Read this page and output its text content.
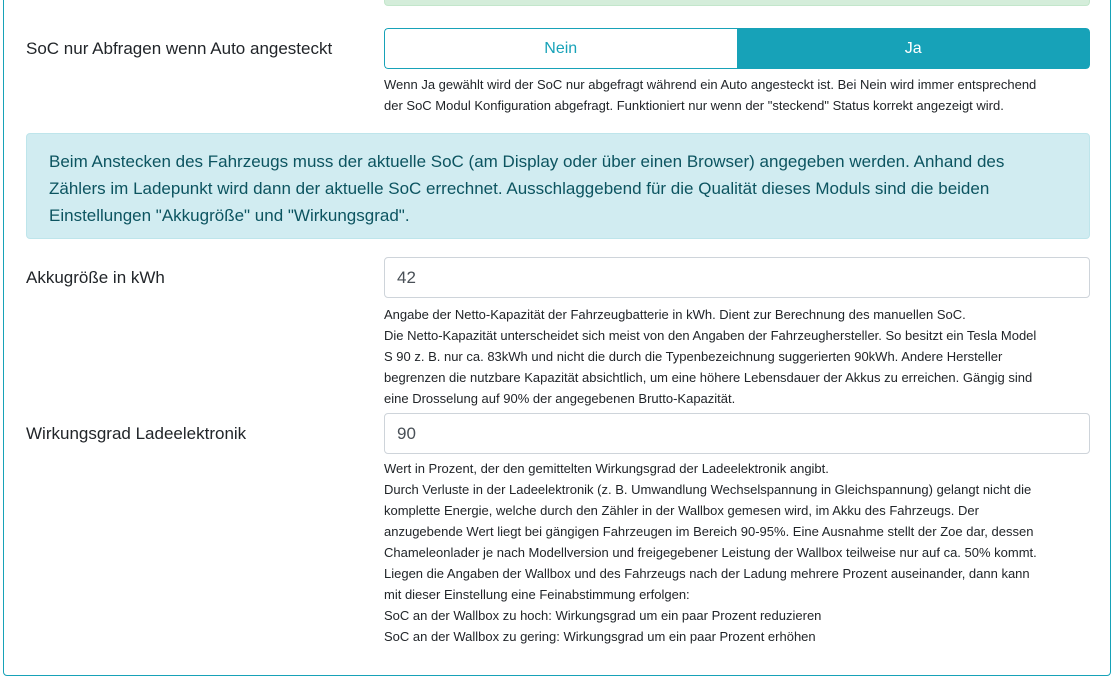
SoC nur Abfragen wenn Auto angesteckt	Nein	Ja

Wenn Ja gewählt wird der SoC nur abgefragt während ein Auto angesteckt ist. Bei Nein wird immer entsprechend

der SoC Modul Konfiguration abgefragt. Funktioniert nur wenn der "steckend" Status korrekt angezeigt wird.

Beim Anstecken des Fahrzeugs muss der aktuelle SoC (am Display oder über einen Browser) angegeben werden. Anhand des
Zählers im Ladepunkt wird dann der aktuelle SoC errechnet. Ausschlaggebend für die Qualität dieses Moduls sind die beiden
Einstellungen "Akkugröße" und "Wirkungsgrad".
Akkugröße in kWh
42

Angabe der Netto-Kapazität der Fahrzeugbatterie in kWh. Dient zur Berechnung des manuellen SoC.

Die Netto-Kapazität unterscheidet sich meist von den Angaben der Fahrzeughersteller. So besitzt ein Tesla Model

S 90 z. B. nur ca. 83kWh und nicht die durch die Typenbezeichnung suggerierten 90kWh. Andere Hersteller

begrenzen die nutzbare Kapazität absichtlich, um eine höhere Lebensdauer der Akkus zu erreichen. Gängig sind

eine Drosselung auf 90% der angegebenen Brutto-Kapazität.

Wirkungsgrad Ladeelektronik
90

Wert in Prozent, der den gemittelten Wirkungsgrad der Ladeelektronik angibt.

Durch Verluste in der Ladeelektronik (z. B. Umwandlung Wechselspannung in Gleichspannung) gelangt nicht die

komplette Energie, welche durch den Zähler in der Wallbox gemesen wird, im Akku des Fahrzeugs. Der

anzugebende Wert liegt bei gängigen Fahrzeugen im Bereich 90-95%. Eine Ausnahme stellt der Zoe dar, dessen

Chameleonlader je nach Modellversion und freigegebener Leistung der Wallbox teilweise nur auf ca. 50% kommt.

Liegen die Angaben der Wallbox und des Fahrzeugs nach der Ladung mehrere Prozent auseinander, dann kann

mit dieser Einstellung eine Feinabstimmung erfolgen:

SoC an der Wallbox zu hoch: Wirkungsgrad um ein paar Prozent reduzieren

SoC an der Wallbox zu gering: Wirkungsgrad um ein paar Prozent erhöhen
